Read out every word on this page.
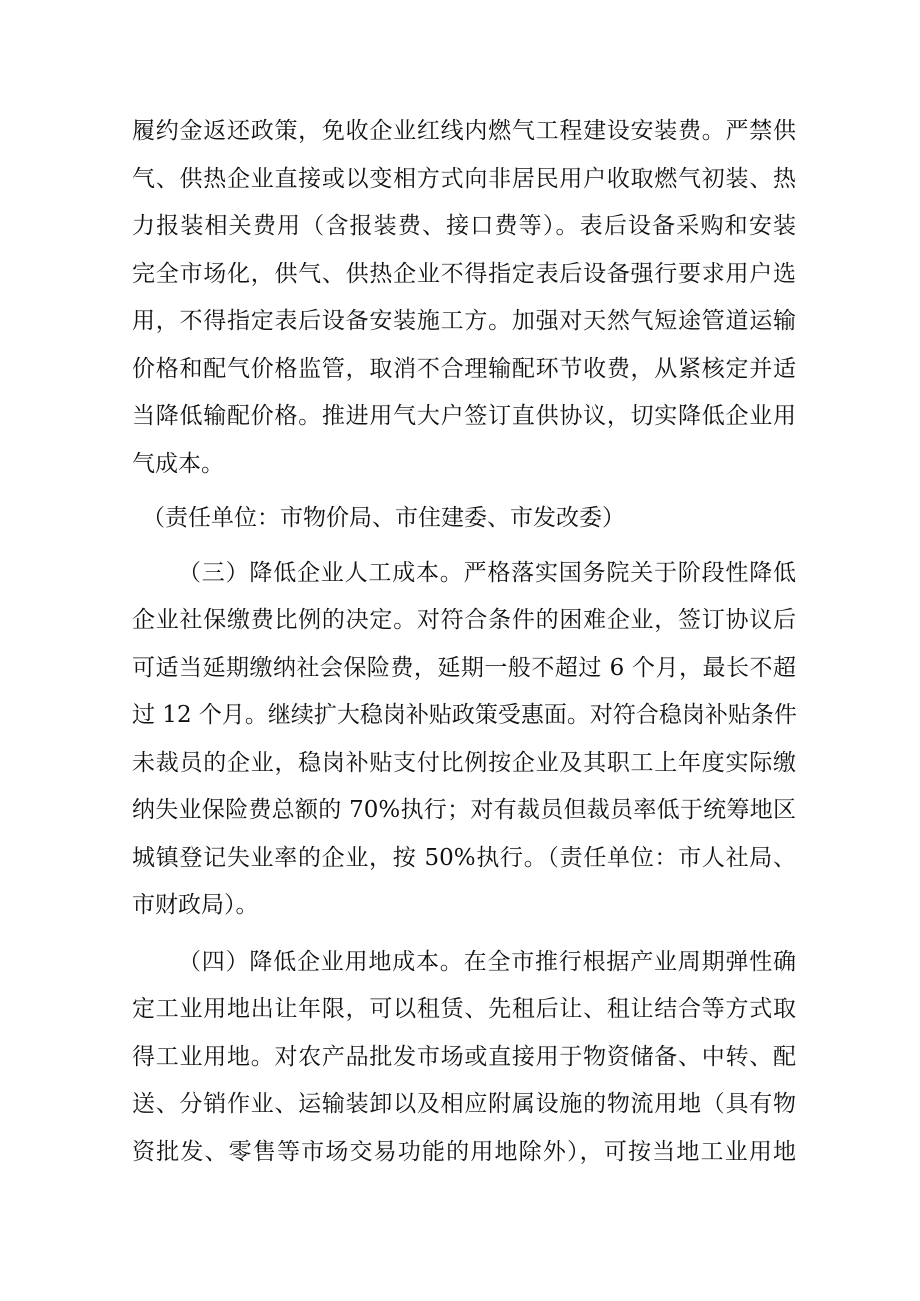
履约金返还政策，免收企业红线内燃气工程建设安装费。严禁供
气、供热企业直接或以变相方式向非居民用户收取燃气初装、热
力报装相关费用（含报装费、接口费等）。表后设备采购和安装
完全市场化，供气、供热企业不得指定表后设备强行要求用户选
用，不得指定表后设备安装施工方。加强对天然气短途管道运输
价格和配气价格监管，取消不合理输配环节收费，从紧核定并适
当降低输配价格。推进用气大户签订直供协议，切实降低企业用
气成本。
（责任单位：市物价局、市住建委、市发改委）
（三）降低企业人工成本。严格落实国务院关于阶段性降低
企业社保缴费比例的决定。对符合条件的困难企业，签订协议后
可适当延期缴纳社会保险费，延期一般不超过 6 个月，最长不超
过 12 个月。继续扩大稳岗补贴政策受惠面。对符合稳岗补贴条件
未裁员的企业，稳岗补贴支付比例按企业及其职工上年度实际缴
纳失业保险费总额的 70%执行；对有裁员但裁员率低于统筹地区
城镇登记失业率的企业，按 50%执行。（责任单位：市人社局、
市财政局）。
（四）降低企业用地成本。在全市推行根据产业周期弹性确
定工业用地出让年限，可以租赁、先租后让、租让结合等方式取
得工业用地。对农产品批发市场或直接用于物资储备、中转、配
送、分销作业、运输装卸以及相应附属设施的物流用地（具有物
资批发、零售等市场交易功能的用地除外），可按当地工业用地
